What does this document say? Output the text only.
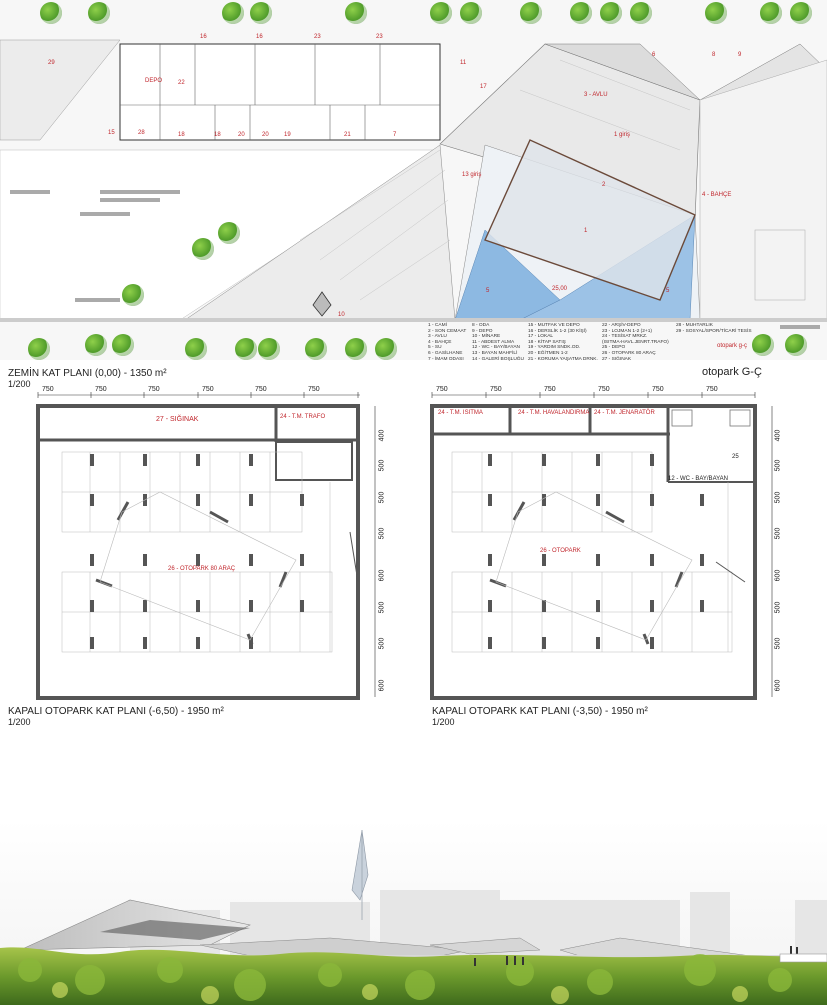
29
16	16	23	23
11
6	8	9
DEPO	22
17
3 - AVLU
15	28	18	18	20	20	19	21	7	1 giriş
13 giriş
2
4 - BAHÇE
1
5	25,00	5
10
1 - CAMİ
2 - SON CEMAAT
3 - AVLU
4 - BAHÇE
5 - SU
6 - GASİLHANE
7 - İMAM ODASI
8 - ODA
9 - DEPO
10 - MİNARE
11 - ABDEST ALMA
12 - WC - BAY/BAYAN
13 - BAYAN MAHFİLİ
14 - GALERİ BOŞLUĞU
15 - MUTFAK VE DEPO
16 - DERSLİK 1-2 (30 KİŞİ)
17 - LOKAL
18 - KİTAP SATIŞ
19 - YARDIM SNDK.OD.
20 - EĞİTMEN 1-2
21 - KORUMA YAŞATMA DRNK.
22 - ARŞİV-DEPO
23 - LOJMAN 1-2 (2+1)
24 - TESİSAT MRKZ.
(ISITMA-HAVL.JENRT.TRAFO)
25 - DEPO
26 - OTOPARK 80 ARAÇ
27 - SIĞINAK
28 - MUHTARLIK
29 - SOSYAL/SPOR/TİCARİ TESİS
otopark g-ç
ZEMİN KAT PLANI (0,00) - 1350 m²
1/200
otopark G-Ç
750	750	750	750	750	750
27 - SIĞINAK	24 - T.M. TRAFO
26 - OTOPARK 80 ARAÇ
400
500
500
500
600
500
500
600
KAPALI OTOPARK KAT PLANI (-6,50) - 1950 m²
1/200
750	750	750	750	750	750
24 - T.M. ISITMA	24 - T.M. HAVALANDIRMA 24 - T.M. JENARATÖR
12 - WC - BAY/BAYAN
25
26 - OTOPARK
400
500
500
500
600
500
500
600
KAPALI OTOPARK KAT PLANI (-3,50) - 1950 m²
1/200
